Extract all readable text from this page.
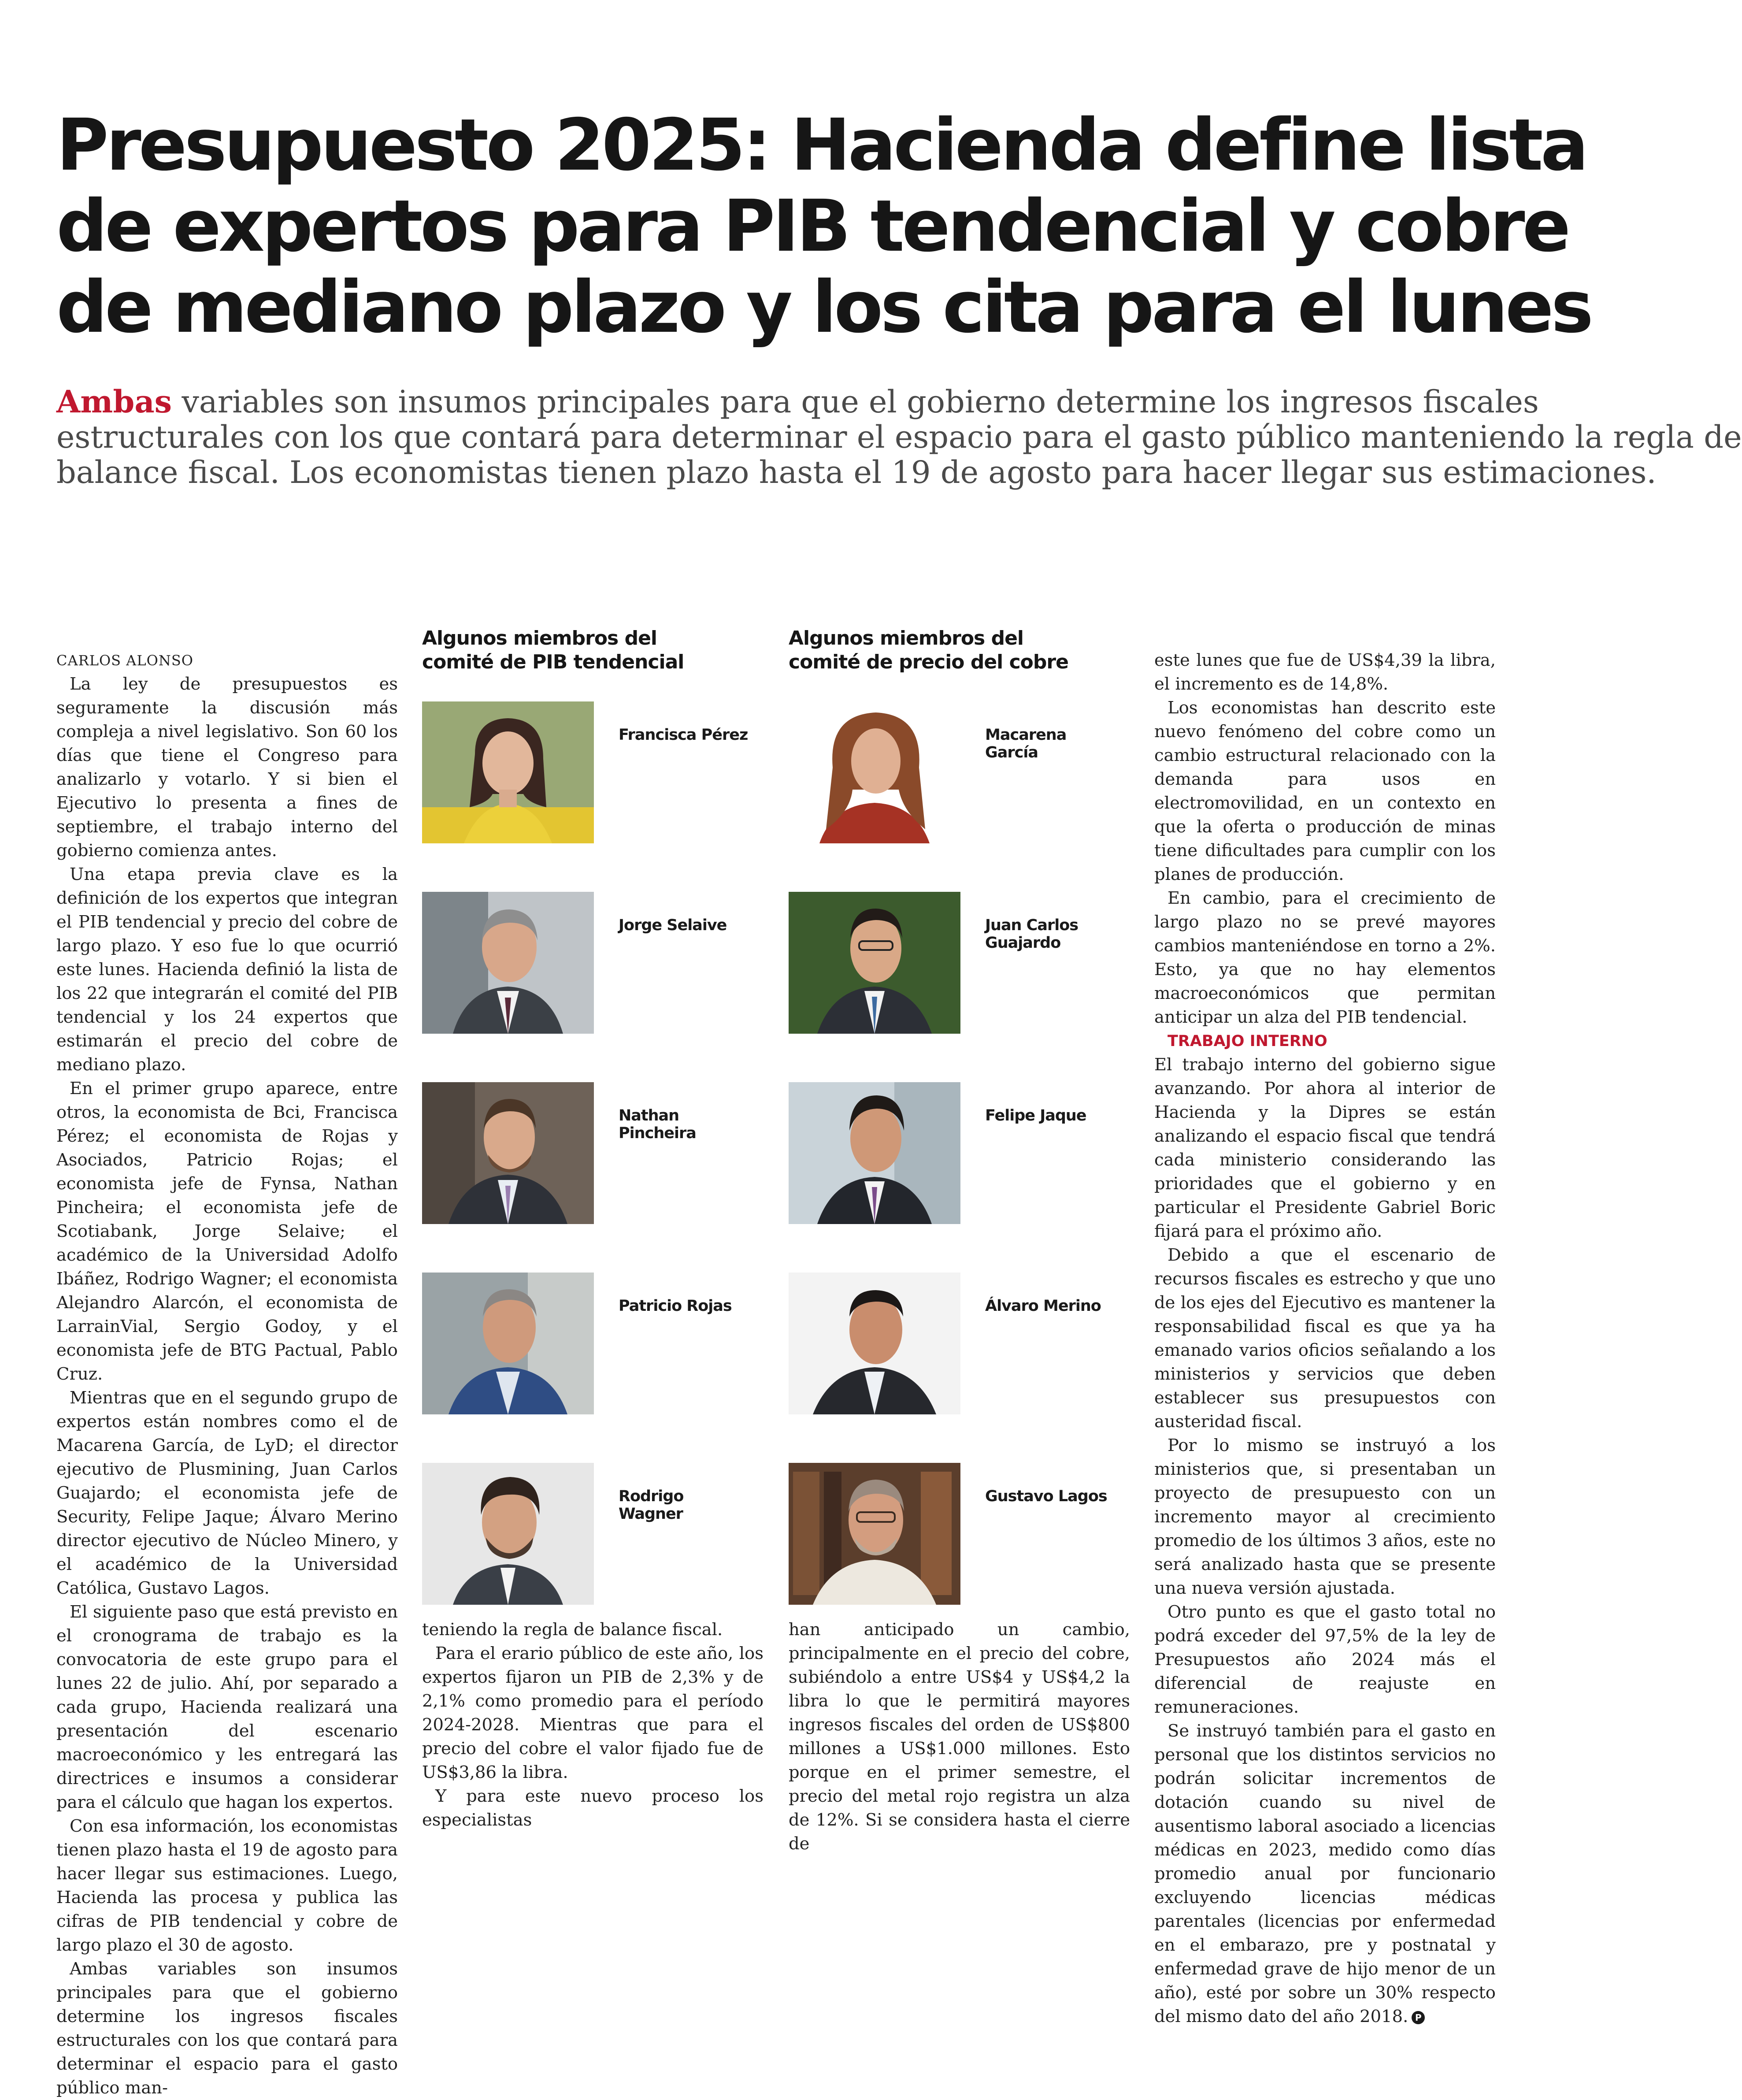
Presupuesto 2025: Hacienda define lista
de expertos para PIB tendencial y cobre
de mediano plazo y los cita para el lunes
Ambas variables son insumos principales para que el gobierno determine los ingresos fiscales
estructurales con los que contará para determinar el espacio para el gasto público manteniendo la regla de
balance fiscal. Los economistas tienen plazo hasta el 19 de agosto para hacer llegar sus estimaciones.

CARLOS ALONSO

La ley de presupuestos es seguramente la discusión más compleja a nivel legislativo. Son 60 los días que tiene el Congreso para analizarlo y votarlo. Y si bien el Ejecutivo lo presenta a fines de septiembre, el trabajo interno del gobierno comienza antes.

Una etapa previa clave es la definición de los expertos que integran el PIB tendencial y precio del cobre de largo plazo. Y eso fue lo que ocurrió este lunes. Hacienda definió la lista de los 22 que integrarán el comité del PIB tendencial y los 24 expertos que estimarán el precio del cobre de mediano plazo.

En el primer grupo aparece, entre otros, la economista de Bci, Francisca Pérez; el economista de Rojas y Asociados, Patricio Rojas; el economista jefe de Fynsa, Nathan Pincheira; el economista jefe de Scotiabank, Jorge Selaive; el académico de la Universidad Adolfo Ibáñez, Rodrigo Wagner; el economista Alejandro Alarcón, el economista de LarrainVial, Sergio Godoy, y el economista jefe de BTG Pactual, Pablo Cruz.

Mientras que en el segundo grupo de expertos están nombres como el de Macarena García, de LyD; el director ejecutivo de Plusmining, Juan Carlos Guajardo; el economista jefe de Security, Felipe Jaque; Álvaro Merino director ejecutivo de Núcleo Minero, y el académico de la Universidad Católica, Gustavo Lagos.

El siguiente paso que está previsto en el cronograma de trabajo es la convocatoria de este grupo para el lunes 22 de julio. Ahí, por separado a cada grupo, Hacienda realizará una presentación del escenario macroeconómico y les entregará las directrices e insumos a considerar para el cálculo que hagan los expertos.

Con esa información, los economistas tienen plazo hasta el 19 de agosto para hacer llegar sus estimaciones. Luego, Hacienda las procesa y publica las cifras de PIB tendencial y cobre de largo plazo el 30 de agosto.

Ambas variables son insumos principales para que el gobierno determine los ingresos fiscales estructurales con los que contará para determinar el espacio para el gasto público man-

Algunos miembros del
comité de PIB tendencial
Algunos miembros del
comité de precio del cobre
Francisca Pérez
Jorge Selaive
Nathan
Pincheira
Patricio Rojas
Rodrigo
Wagner
Macarena
García
Juan Carlos
Guajardo
Felipe Jaque
Álvaro Merino
Gustavo Lagos

teniendo la regla de balance fiscal.

Para el erario público de este año, los expertos fijaron un PIB de 2,3% y de 2,1% como promedio para el período 2024-2028. Mientras que para el precio del cobre el valor fijado fue de US$3,86 la libra.

Y para este nuevo proceso los especialistas

han anticipado un cambio, principalmente en el precio del cobre, subiéndolo a entre US$4 y US$4,2 la libra lo que le permitirá mayores ingresos fiscales del orden de US$800 millones a US$1.000 millones. Esto porque en el primer semestre, el precio del metal rojo registra un alza de 12%. Si se considera hasta el cierre de

este lunes que fue de US$4,39 la libra, el incremento es de 14,8%.

Los economistas han descrito este nuevo fenómeno del cobre como un cambio estructural relacionado con la demanda para usos en electromovilidad, en un contexto en que la oferta o producción de minas tiene dificultades para cumplir con los planes de producción.

En cambio, para el crecimiento de largo plazo no se prevé mayores cambios manteniéndose en torno a 2%. Esto, ya que no hay elementos macroeconómicos que permitan anticipar un alza del PIB tendencial.

TRABAJO INTERNO

El trabajo interno del gobierno sigue avanzando. Por ahora al interior de Hacienda y la Dipres se están analizando el espacio fiscal que tendrá cada ministerio considerando las prioridades que el gobierno y en particular el Presidente Gabriel Boric fijará para el próximo año.

Debido a que el escenario de recursos fiscales es estrecho y que uno de los ejes del Ejecutivo es mantener la responsabilidad fiscal es que ya ha emanado varios oficios señalando a los ministerios y servicios que deben establecer sus presupuestos con austeridad fiscal.

Por lo mismo se instruyó a los ministerios que, si presentaban un proyecto de presupuesto con un incremento mayor al crecimiento promedio de los últimos 3 años, este no será analizado hasta que se presente una nueva versión ajustada.

Otro punto es que el gasto total no podrá exceder del 97,5% de la ley de Presupuestos año 2024 más el diferencial de reajuste en remuneraciones.

Se instruyó también para el gasto en personal que los distintos servicios no podrán solicitar incrementos de dotación cuando su nivel de ausentismo laboral asociado a licencias médicas en 2023, medido como días promedio anual por funcionario excluyendo licencias médicas parentales (licencias por enfermedad en el embarazo, pre y postnatal y enfermedad grave de hijo menor de un año), esté por sobre un 30% respecto del mismo dato del año 2018. P
